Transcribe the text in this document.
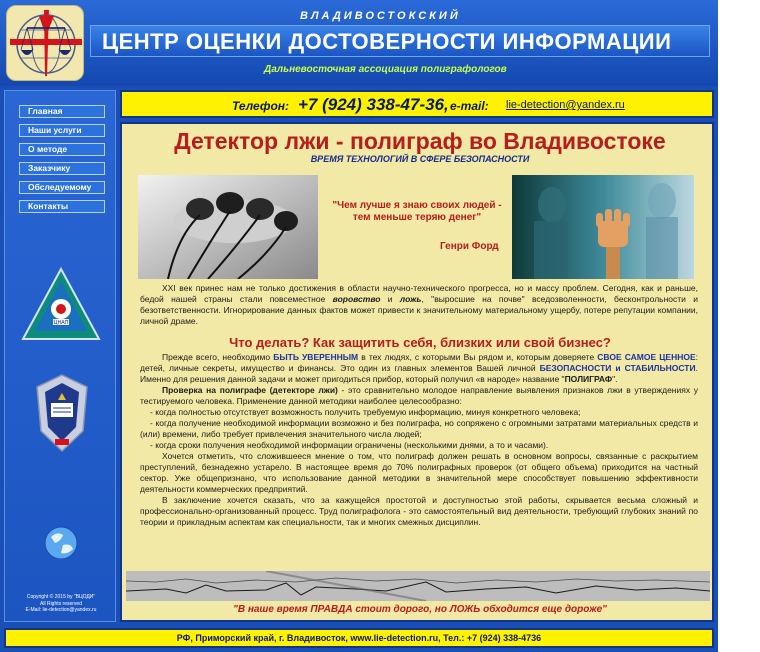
ВЛАДИВОСТОКСКИЙ
ЦЕНТР ОЦЕНКИ ДОСТОВЕРНОСТИ ИНФОРМАЦИИ
Дальневосточная ассоциация полиграфологов
Главная
Наши услуги
О методе
Заказчику
Обследуемому
Контакты
ЦНАП
Copyright © 2015 by "ВЦОДИ"
All Rights reserved
E-Mail: lie-detection@yandex.ru
Телефон: +7 (924) 338-47-36, e-mail: lie-detection@yandex.ru
Детектор лжи - полиграф во Владивостоке
ВРЕМЯ ТЕХНОЛОГИЙ В СФЕРЕ БЕЗОПАСНОСТИ
"Чем лучше я знаю своих людей - тем меньше теряю денег"
Генри Форд
XXI век принес нам не только достижения в области научно-технического прогресса, но и массу проблем. Сегодня, как и раньше, бедой нашей страны стали повсеместное воровство и ложь, "выросшие на почве" вседозволенности, бесконтрольности и безответственности. Игнорирование данных фактов может привести к значительному материальному ущербу, потере репутации компании, личной драме.
Что делать? Как защитить себя, близких или свой бизнес?

Прежде всего, необходимо БЫТЬ УВЕРЕННЫМ в тех людях, с которыми Вы рядом и, которым доверяете СВОЕ САМОЕ ЦЕННОЕ: детей, личные секреты, имущество и финансы. Это один из главных элементов Вашей личной БЕЗОПАСНОСТИ и СТАБИЛЬНОСТИ. Именно для решения данной задачи и может пригодиться прибор, который получил «в народе» название "ПОЛИГРАФ".

Проверка на полиграфе (детекторе лжи) - это сравнительно молодое направление выявления признаков лжи в утверждениях у тестируемого человека. Применение данной методики наиболее целесообразно:

- когда полностью отсутствует возможность получить требуемую информацию, минуя конкретного человека;

- когда получение необходимой информации возможно и без полиграфа, но сопряжено с огромными затратами материальных средств и (или) времени, либо требует привлечения значительного числа людей;

- когда сроки получения необходимой информации ограничены (несколькими днями, а то и часами).

Хочется отметить, что сложившееся мнение о том, что полиграф должен решать в основном вопросы, связанные с раскрытием преступлений, безнадежно устарело. В настоящее время до 70% полиграфных проверок (от общего объема) приходится на частный сектор. Уже общепризнано, что использование данной методики в значительной мере способствует повышению эффективности деятельности коммерческих предприятий.

В заключение хочется сказать, что за кажущейся простотой и доступностью этой работы, скрывается весьма сложный и профессионально-организованный процесс. Труд полиграфолога - это самостоятельный вид деятельности, требующий глубоких знаний по теории и прикладным аспектам как специальности, так и многих смежных дисциплин.

"В наше время ПРАВДА стоит дорого, но ЛОЖЬ обходится еще дороже"
РФ, Приморский край, г. Владивосток, www.lie-detection.ru, Тел.: +7 (924) 338-4736
